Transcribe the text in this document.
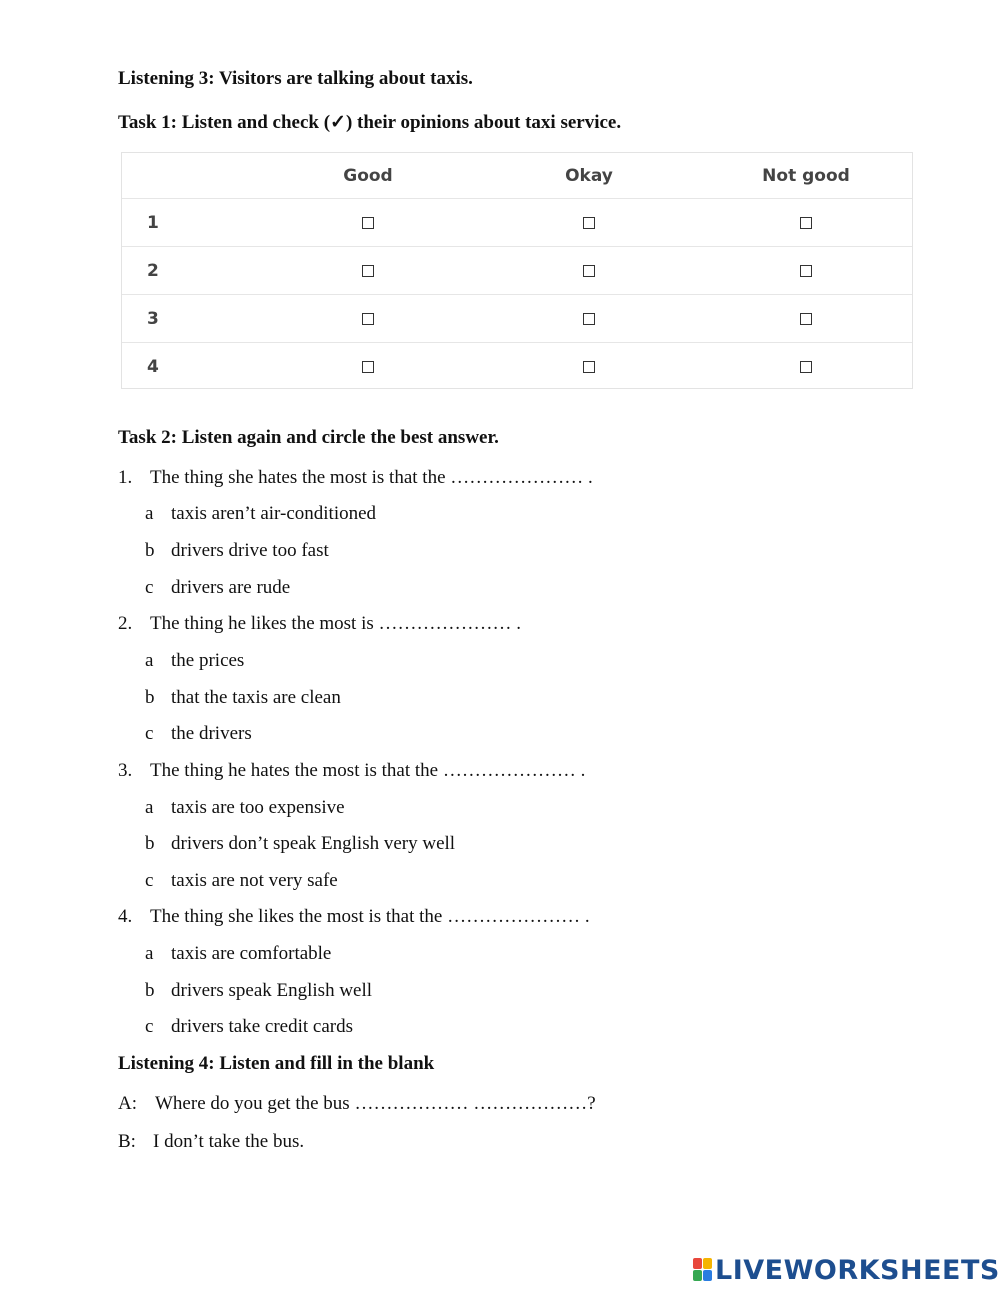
Listening 3: Visitors are talking about taxis.
Task 1: Listen and check (✓) their opinions about taxi service.
Good	Okay	Not good
1
2
3
4
Task 2: Listen again and circle the best answer.
1. The thing she hates the most is that the ………………… .
a taxis aren’t air-conditioned
b drivers drive too fast
c drivers are rude
2. The thing he likes the most is ………………… .
a the prices
b that the taxis are clean
c the drivers
3. The thing he hates the most is that the ………………… .
a taxis are too expensive
b drivers don’t speak English very well
c taxis are not very safe
4. The thing she likes the most is that the ………………… .
a taxis are comfortable
b drivers speak English well
c drivers take credit cards
Listening 4: Listen and fill in the blank
A: Where do you get the bus ……………… ………………?
B: I don’t take the bus.
LIVEWORKSHEETS
